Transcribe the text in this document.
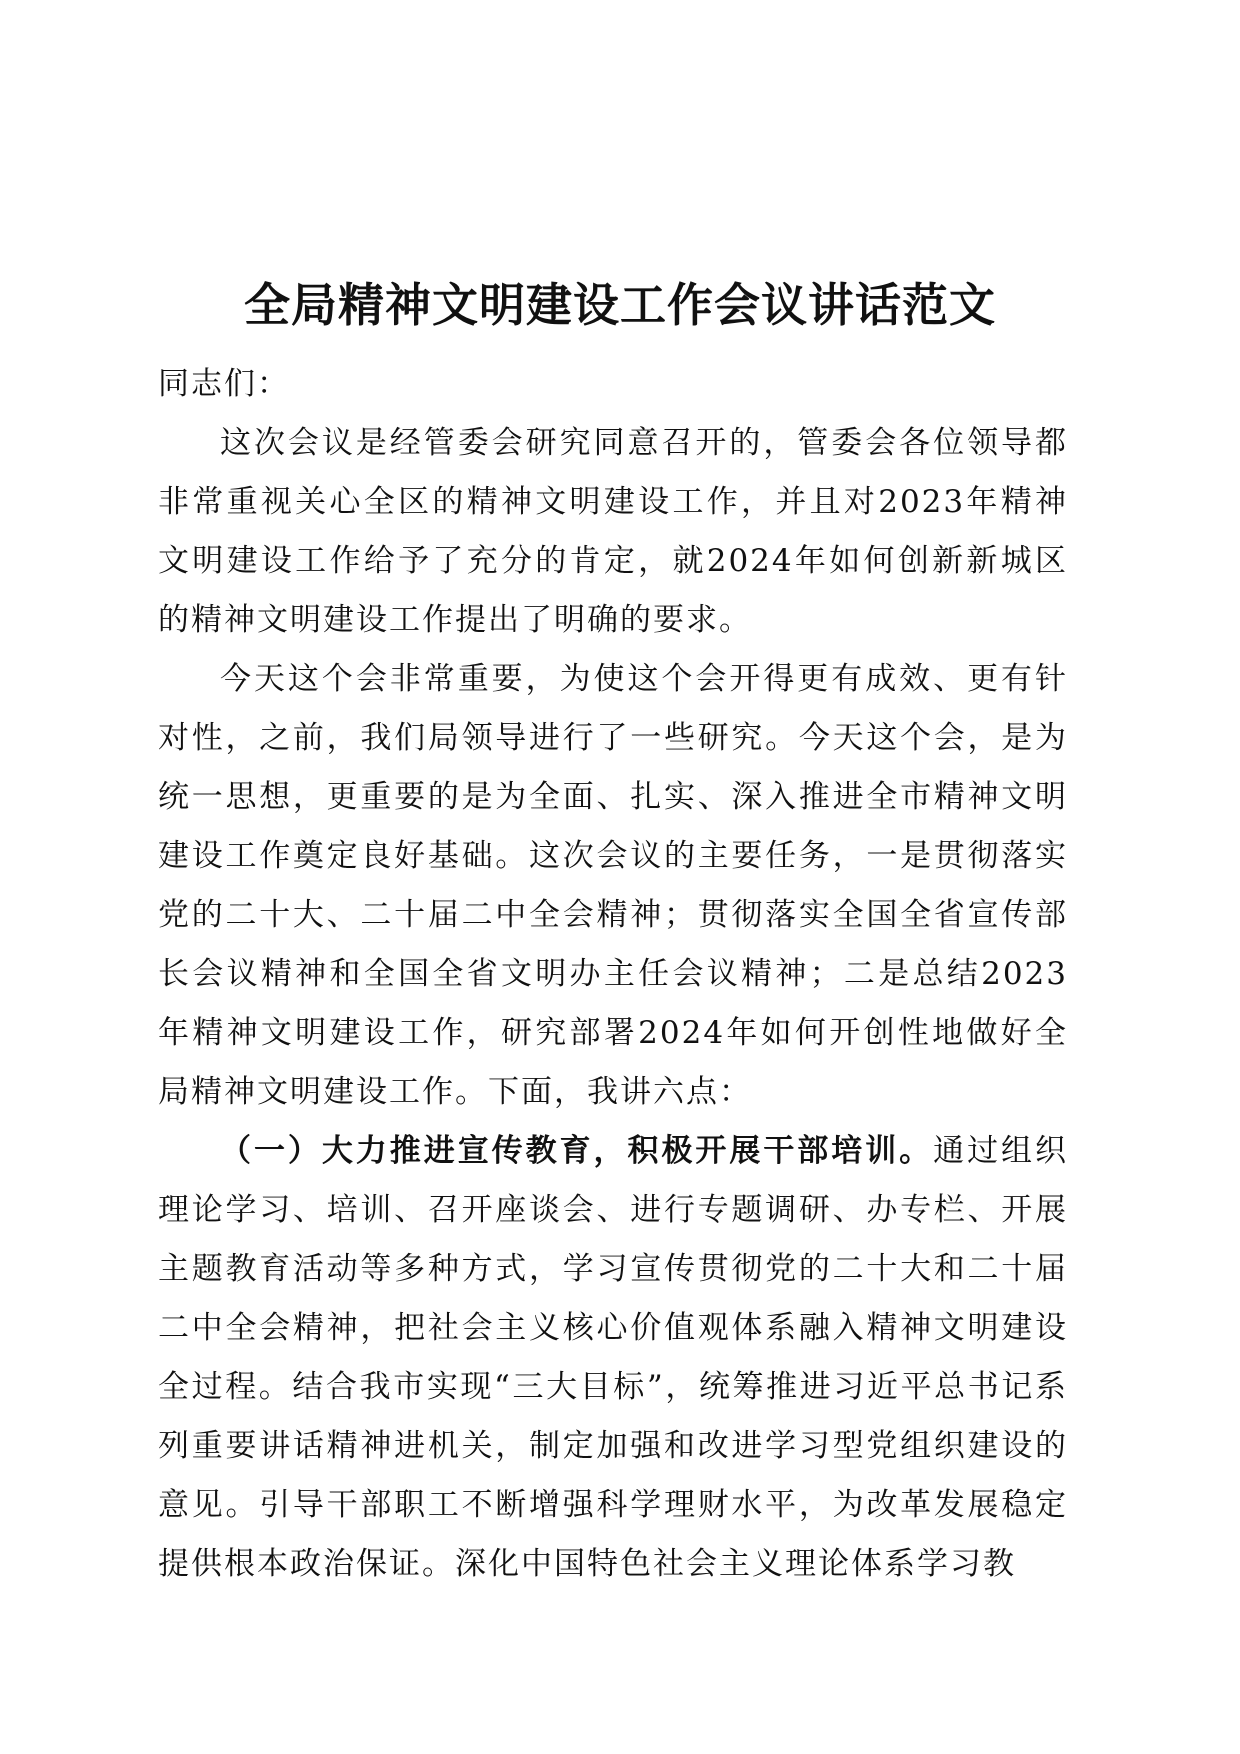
全局精神文明建设工作会议讲话范文

同志们：

这次会议是经管委会研究同意召开的，管委会各位领导都非常重视关心全区的精神文明建设工作，并且对2023年精神文明建设工作给予了充分的肯定，就2024年如何创新新城区的精神文明建设工作提出了明确的要求。

今天这个会非常重要，为使这个会开得更有成效、更有针对性，之前，我们局领导进行了一些研究。今天这个会，是为统一思想，更重要的是为全面、扎实、深入推进全市精神文明建设工作奠定良好基础。这次会议的主要任务，一是贯彻落实党的二十大、二十届二中全会精神；贯彻落实全国全省宣传部长会议精神和全国全省文明办主任会议精神；二是总结2023年精神文明建设工作，研究部署2024年如何开创性地做好全局精神文明建设工作。下面，我讲六点：

（一）大力推进宣传教育，积极开展干部培训。通过组织理论学习、培训、召开座谈会、进行专题调研、办专栏、开展主题教育活动等多种方式，学习宣传贯彻党的二十大和二十届二中全会精神，把社会主义核心价值观体系融入精神文明建设全过程。结合我市实现“三大目标”，统筹推进习近平总书记系列重要讲话精神进机关，制定加强和改进学习型党组织建设的意见。引导干部职工不断增强科学理财水平，为改革发展稳定提供根本政治保证。深化中国特色社会主义理论体系学习教
